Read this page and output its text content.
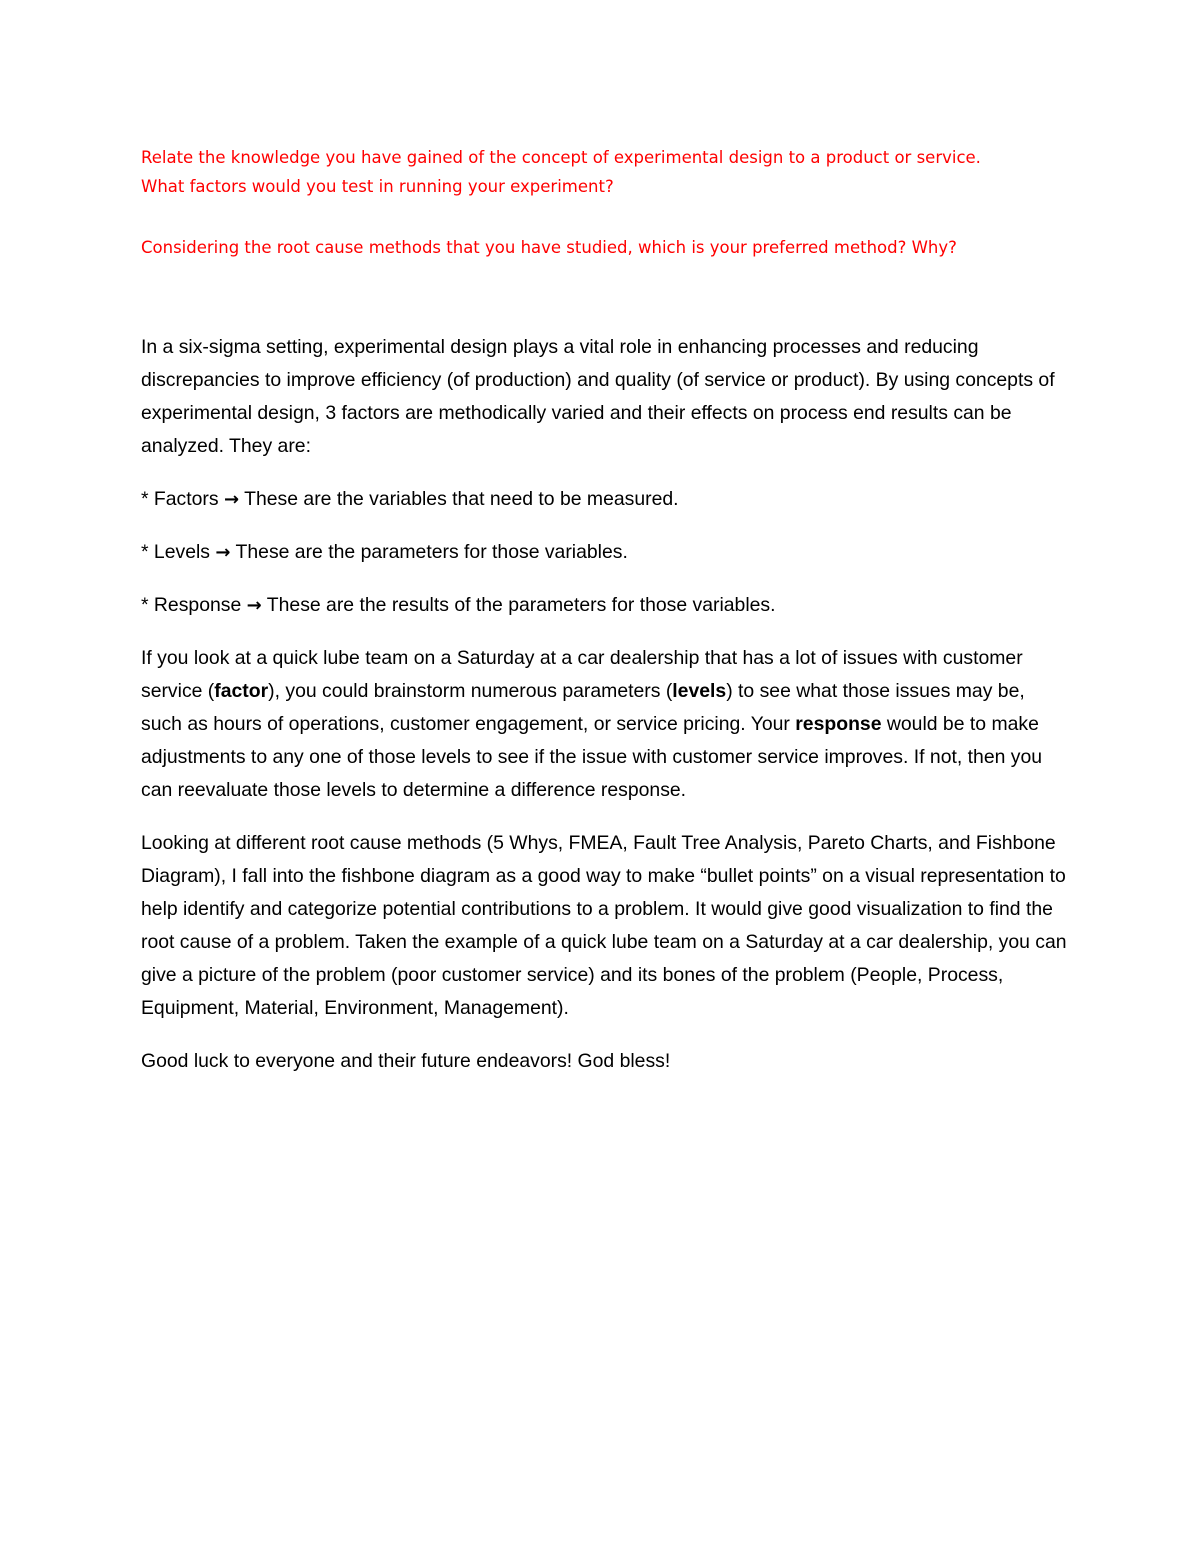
Relate the knowledge you have gained of the concept of experimental design to a product or service.
What factors would you test in running your experiment?
Considering the root cause methods that you have studied, which is your preferred method? Why?

In a six-sigma setting, experimental design plays a vital role in enhancing processes and reducing discrepancies to improve efficiency (of production) and quality (of service or product). By using concepts of experimental design, 3 factors are methodically varied and their effects on process end results can be analyzed. They are:

* Factors → These are the variables that need to be measured.

* Levels → These are the parameters for those variables.

* Response → These are the results of the parameters for those variables.

If you look at a quick lube team on a Saturday at a car dealership that has a lot of issues with customer service (factor), you could brainstorm numerous parameters (levels) to see what those issues may be, such as hours of operations, customer engagement, or service pricing. Your response would be to make adjustments to any one of those levels to see if the issue with customer service improves. If not, then you can reevaluate those levels to determine a difference response.

Looking at different root cause methods (5 Whys, FMEA, Fault Tree Analysis, Pareto Charts, and Fishbone Diagram), I fall into the fishbone diagram as a good way to make “bullet points” on a visual representation to help identify and categorize potential contributions to a problem. It would give good visualization to find the root cause of a problem. Taken the example of a quick lube team on a Saturday at a car dealership, you can give a picture of the problem (poor customer service) and its bones of the problem (People, Process, Equipment, Material, Environment, Management).

Good luck to everyone and their future endeavors! God bless!
